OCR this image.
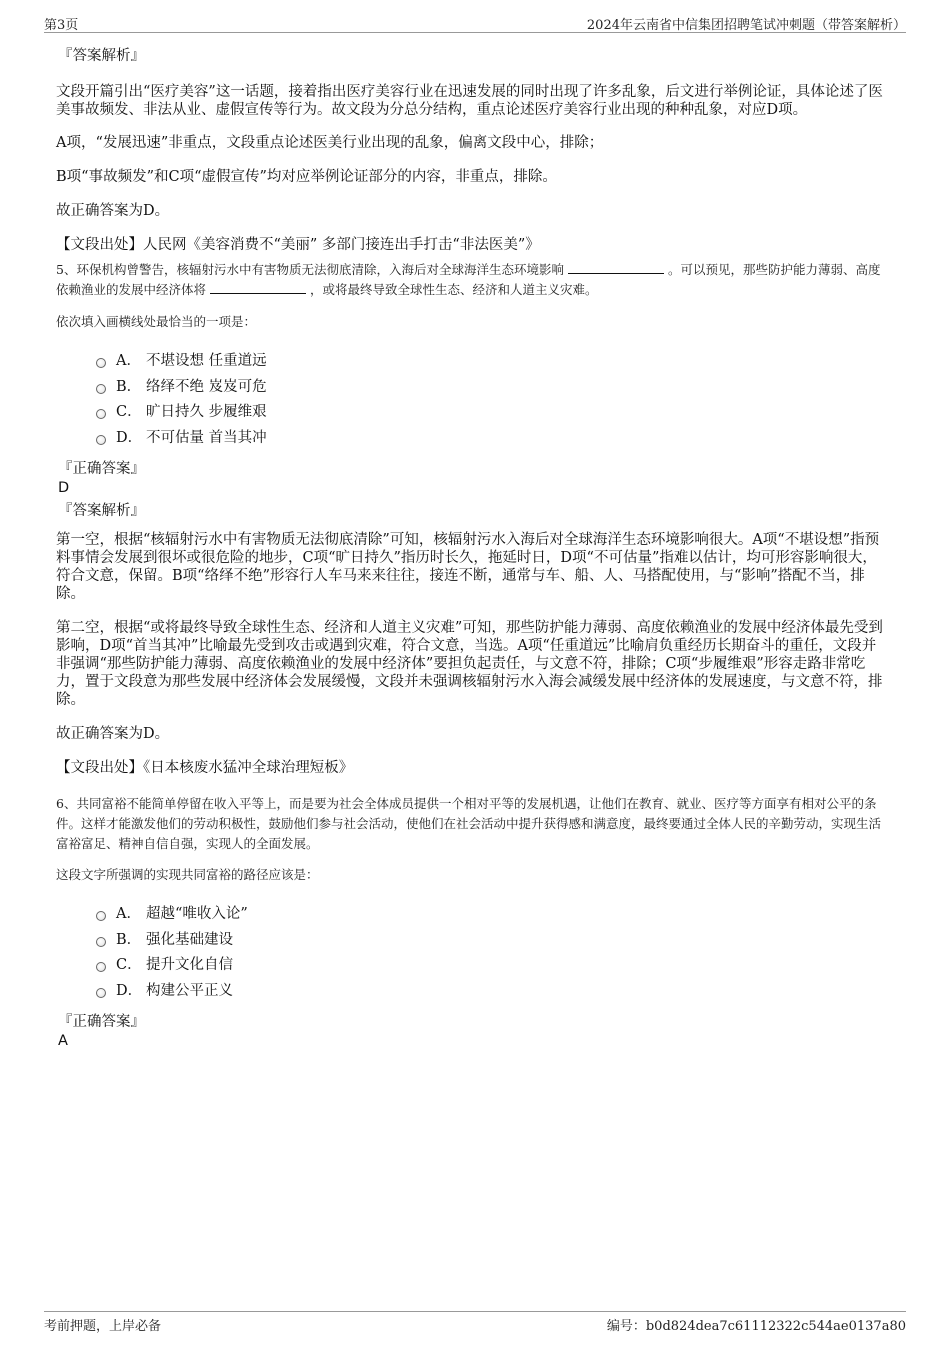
第3页	2024年云南省中信集团招聘笔试冲刺题（带答案解析）
『答案解析』

文段开篇引出“医疗美容”这一话题，接着指出医疗美容行业在迅速发展的同时出现了许多乱象，后文进行举例论证，具体论述了医美事故频发、非法从业、虚假宣传等行为。故文段为分总分结构，重点论述医疗美容行业出现的种种乱象，对应D项。

A项，“发展迅速”非重点，文段重点论述医美行业出现的乱象，偏离文段中心，排除；

B项“事故频发”和C项“虚假宣传”均对应举例论证部分的内容，非重点，排除。

故正确答案为D。

【文段出处】人民网《美容消费不“美丽” 多部门接连出手打击“非法医美”》

5、环保机构曾警告，核辐射污水中有害物质无法彻底清除，入海后对全球海洋生态环境影响	。可以预见，那些防护能力薄弱、高度依赖渔业的发展中经济体将	，或将最终导致全球性生态、经济和人道主义灾难。

依次填入画横线处最恰当的一项是：

A． 不堪设想 任重道远
B． 络绎不绝 岌岌可危
C． 旷日持久 步履维艰
D． 不可估量 首当其冲
『正确答案』
D
『答案解析』

第一空，根据“核辐射污水中有害物质无法彻底清除”可知，核辐射污水入海后对全球海洋生态环境影响很大。A项“不堪设想”指预料事情会发展到很坏或很危险的地步，C项“旷日持久”指历时长久，拖延时日，D项“不可估量”指难以估计，均可形容影响很大，符合文意，保留。B项“络绎不绝”形容行人车马来来往往，接连不断，通常与车、船、人、马搭配使用，与“影响”搭配不当，排除。

第二空，根据“或将最终导致全球性生态、经济和人道主义灾难”可知，那些防护能力薄弱、高度依赖渔业的发展中经济体最先受到影响，D项“首当其冲”比喻最先受到攻击或遇到灾难，符合文意，当选。A项“任重道远”比喻肩负重经历长期奋斗的重任，文段并非强调“那些防护能力薄弱、高度依赖渔业的发展中经济体”要担负起责任，与文意不符，排除；C项“步履维艰”形容走路非常吃力，置于文段意为那些发展中经济体会发展缓慢，文段并未强调核辐射污水入海会减缓发展中经济体的发展速度，与文意不符，排除。

故正确答案为D。

【文段出处】《日本核废水猛冲全球治理短板》

6、共同富裕不能简单停留在收入平等上，而是要为社会全体成员提供一个相对平等的发展机遇，让他们在教育、就业、医疗等方面享有相对公平的条件。这样才能激发他们的劳动积极性，鼓励他们参与社会活动，使他们在社会活动中提升获得感和满意度，最终要通过全体人民的辛勤劳动，实现生活富裕富足、精神自信自强，实现人的全面发展。

这段文字所强调的实现共同富裕的路径应该是：

A． 超越“唯收入论”
B． 强化基础建设
C． 提升文化自信
D． 构建公平正义
『正确答案』
A
考前押题，上岸必备	编号：b0d824dea7c61112322c544ae0137a80
